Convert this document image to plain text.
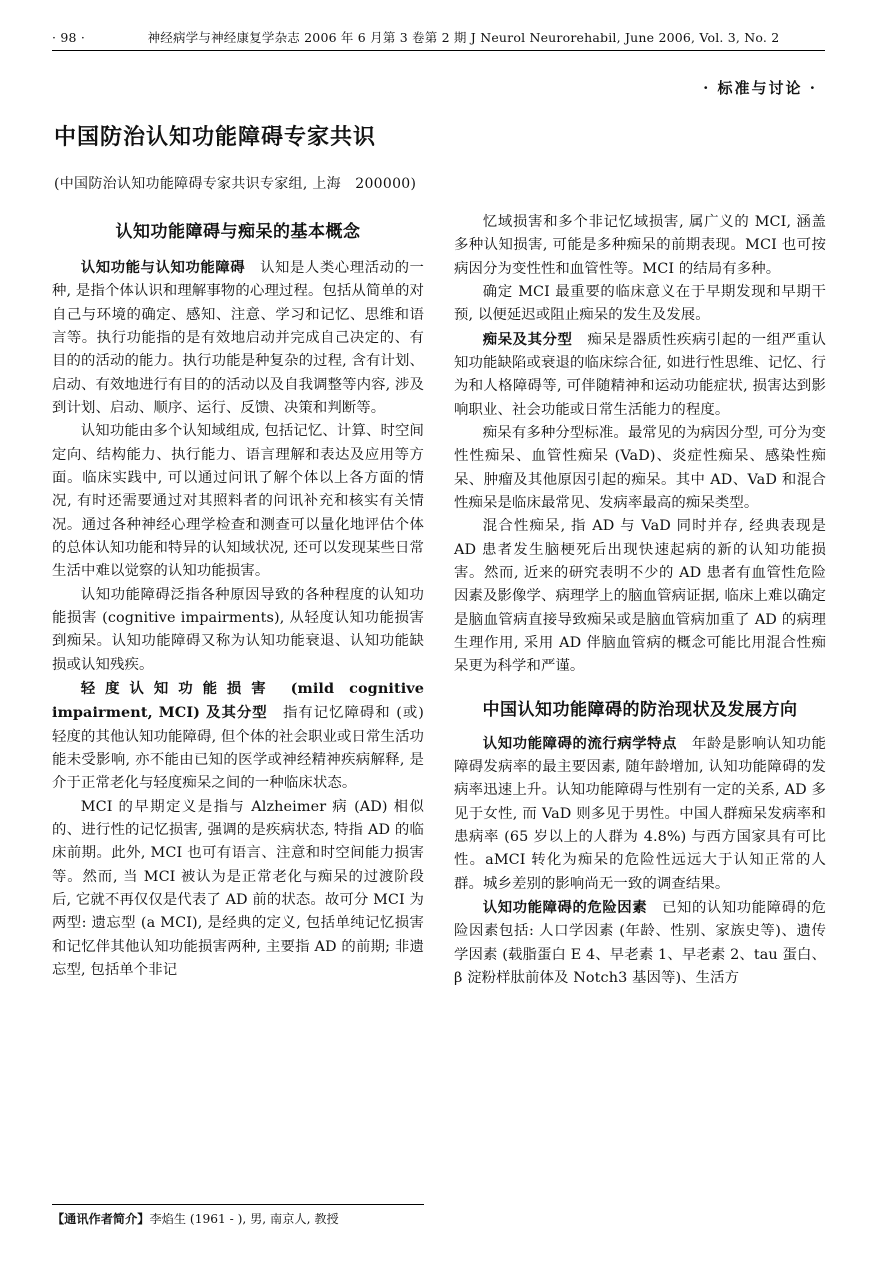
· 98 ·	神经病学与神经康复学杂志 2006 年 6 月第 3 卷第 2 期 J Neurol Neurorehabil, June 2006, Vol. 3, No. 2
· 标准与讨论 ·
中国防治认知功能障碍专家共识
(中国防治认知功能障碍专家共识专家组, 上海　200000)
认知功能障碍与痴呆的基本概念

认知功能与认知功能障碍　认知是人类心理活动的一种, 是指个体认识和理解事物的心理过程。包括从简单的对自己与环境的确定、感知、注意、学习和记忆、思维和语言等。执行功能指的是有效地启动并完成自己决定的、有目的的活动的能力。执行功能是种复杂的过程, 含有计划、启动、有效地进行有目的的活动以及自我调整等内容, 涉及到计划、启动、顺序、运行、反馈、决策和判断等。

认知功能由多个认知域组成, 包括记忆、计算、时空间定向、结构能力、执行能力、语言理解和表达及应用等方面。临床实践中, 可以通过问讯了解个体以上各方面的情况, 有时还需要通过对其照料者的问讯补充和核实有关情况。通过各种神经心理学检查和测查可以量化地评估个体的总体认知功能和特异的认知域状况, 还可以发现某些日常生活中难以觉察的认知功能损害。

认知功能障碍泛指各种原因导致的各种程度的认知功能损害 (cognitive impairments), 从轻度认知功能损害到痴呆。认知功能障碍又称为认知功能衰退、认知功能缺损或认知残疾。

轻度认知功能损害 (mild cognitive impairment, MCI) 及其分型　指有记忆障碍和 (或) 轻度的其他认知功能障碍, 但个体的社会职业或日常生活功能未受影响, 亦不能由已知的医学或神经精神疾病解释, 是介于正常老化与轻度痴呆之间的一种临床状态。

MCI 的早期定义是指与 Alzheimer 病 (AD) 相似的、进行性的记忆损害, 强调的是疾病状态, 特指 AD 的临床前期。此外, MCI 也可有语言、注意和时空间能力损害等。然而, 当 MCI 被认为是正常老化与痴呆的过渡阶段后, 它就不再仅仅是代表了 AD 前的状态。故可分 MCI 为两型: 遗忘型 (a MCI), 是经典的定义, 包括单纯记忆损害和记忆伴其他认知功能损害两种, 主要指 AD 的前期; 非遗忘型, 包括单个非记

忆域损害和多个非记忆域损害, 属广义的 MCI, 涵盖多种认知损害, 可能是多种痴呆的前期表现。MCI 也可按病因分为变性性和血管性等。MCI 的结局有多种。

确定 MCI 最重要的临床意义在于早期发现和早期干预, 以便延迟或阻止痴呆的发生及发展。

痴呆及其分型　痴呆是器质性疾病引起的一组严重认知功能缺陷或衰退的临床综合征, 如进行性思维、记忆、行为和人格障碍等, 可伴随精神和运动功能症状, 损害达到影响职业、社会功能或日常生活能力的程度。

痴呆有多种分型标准。最常见的为病因分型, 可分为变性性痴呆、血管性痴呆 (VaD)、炎症性痴呆、感染性痴呆、肿瘤及其他原因引起的痴呆。其中 AD、VaD 和混合性痴呆是临床最常见、发病率最高的痴呆类型。

混合性痴呆, 指 AD 与 VaD 同时并存, 经典表现是 AD 患者发生脑梗死后出现快速起病的新的认知功能损害。然而, 近来的研究表明不少的 AD 患者有血管性危险因素及影像学、病理学上的脑血管病证据, 临床上难以确定是脑血管病直接导致痴呆或是脑血管病加重了 AD 的病理生理作用, 采用 AD 伴脑血管病的概念可能比用混合性痴呆更为科学和严谨。

中国认知功能障碍的防治现状及发展方向

认知功能障碍的流行病学特点　年龄是影响认知功能障碍发病率的最主要因素, 随年龄增加, 认知功能障碍的发病率迅速上升。认知功能障碍与性别有一定的关系, AD 多见于女性, 而 VaD 则多见于男性。中国人群痴呆发病率和患病率 (65 岁以上的人群为 4.8%) 与西方国家具有可比性。aMCI 转化为痴呆的危险性远远大于认知正常的人群。城乡差别的影响尚无一致的调查结果。

认知功能障碍的危险因素　已知的认知功能障碍的危险因素包括: 人口学因素 (年龄、性别、家族史等)、遗传学因素 (载脂蛋白 E 4、早老素 1、早老素 2、tau 蛋白、β 淀粉样肽前体及 Notch3 基因等)、生活方

【通讯作者简介】李焰生 (1961 - ), 男, 南京人, 教授
